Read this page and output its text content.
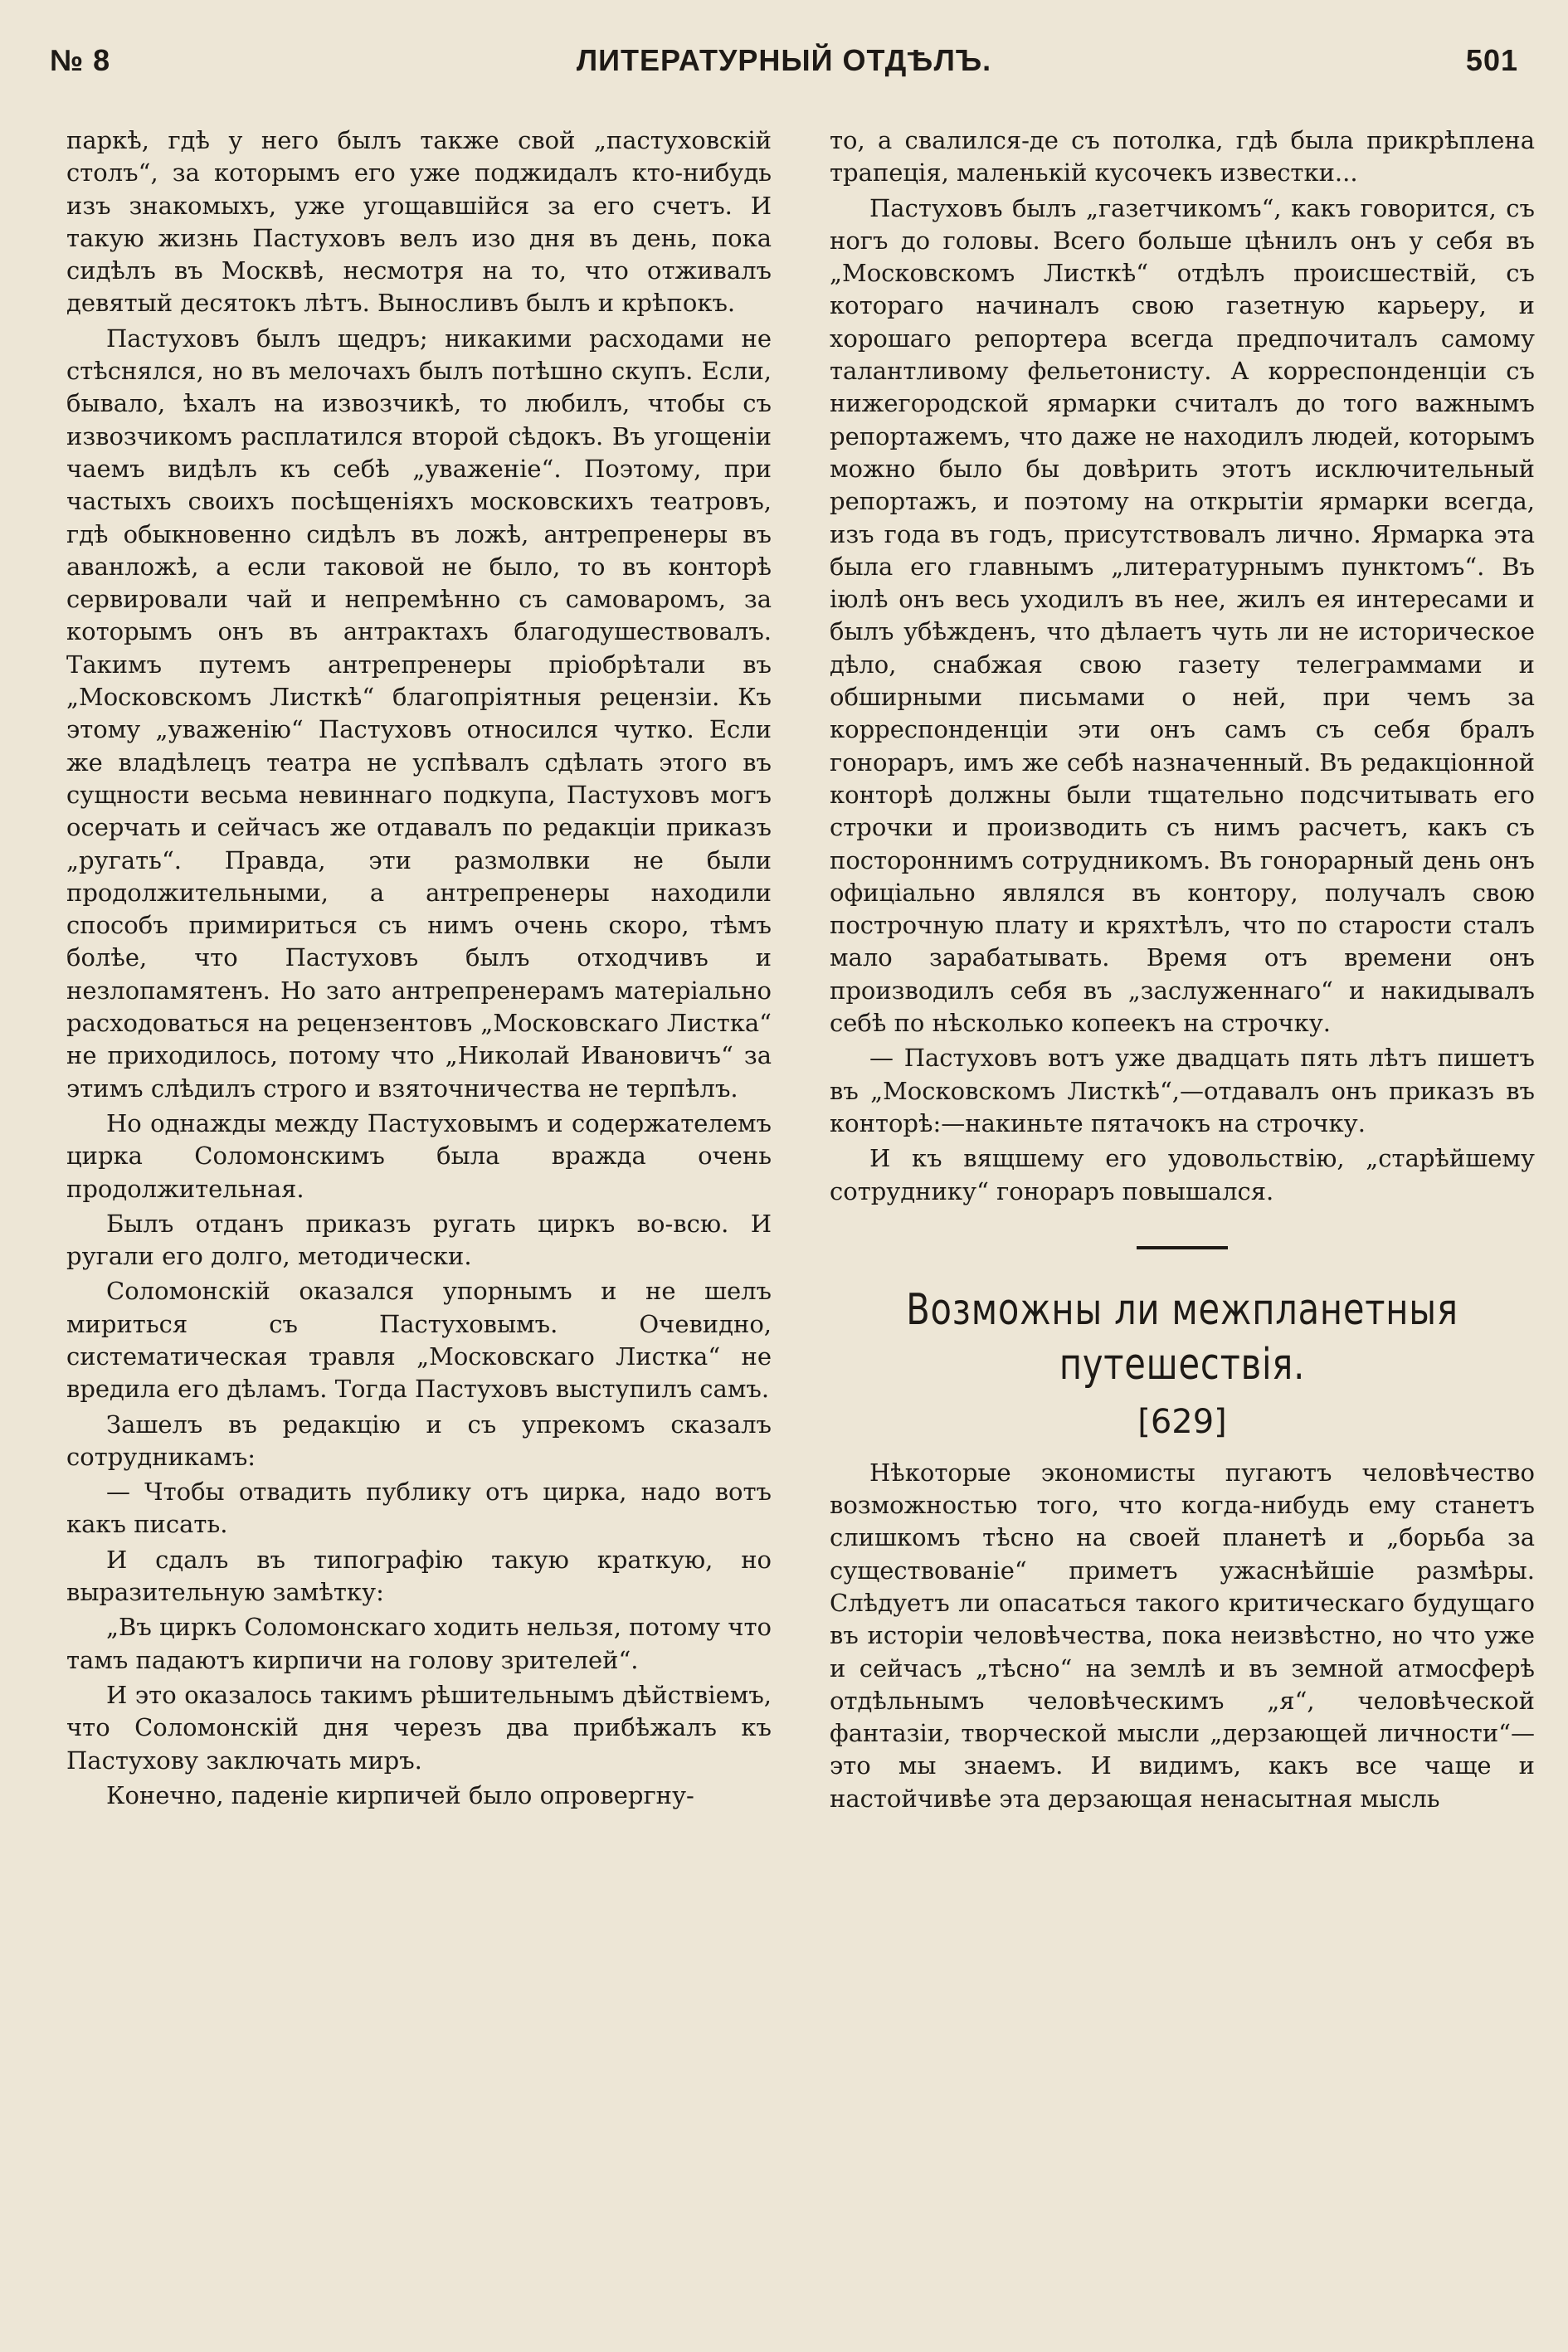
№ 8	ЛИТЕРАТУРНЫЙ ОТДѢЛЪ.	501

паркѣ, гдѣ у него былъ также свой „пастуховскій столъ“, за которымъ его уже поджидалъ кто-нибудь изъ знакомыхъ, уже угощавшійся за его счетъ. И такую жизнь Пастуховъ велъ изо дня въ день, пока сидѣлъ въ Москвѣ, несмотря на то, что отживалъ девятый десятокъ лѣтъ. Выносливъ былъ и крѣпокъ.

Пастуховъ былъ щедръ; никакими расходами не стѣснялся, но въ мелочахъ былъ потѣшно скупъ. Если, бывало, ѣхалъ на извозчикѣ, то любилъ, чтобы съ извозчикомъ расплатился второй сѣдокъ. Въ угощеніи чаемъ видѣлъ къ себѣ „уваженіе“. Поэтому, при частыхъ своихъ посѣщеніяхъ московскихъ театровъ, гдѣ обыкновенно сидѣлъ въ ложѣ, антрепренеры въ аванложѣ, а если таковой не было, то въ конторѣ сервировали чай и непремѣнно съ самоваромъ, за которымъ онъ въ антрактахъ благодушествовалъ. Такимъ путемъ антрепренеры пріобрѣтали въ „Московскомъ Листкѣ“ благопріятныя рецензіи. Къ этому „уваженію“ Пастуховъ относился чутко. Если же владѣлецъ театра не успѣвалъ сдѣлать этого въ сущности весьма невиннаго подкупа, Пастуховъ могъ осерчать и сейчасъ же отдавалъ по редакціи приказъ „ругать“. Правда, эти размолвки не были продолжительными, а антрепренеры находили способъ примириться съ нимъ очень скоро, тѣмъ болѣе, что Пастуховъ былъ отходчивъ и незлопамятенъ. Но зато антрепренерамъ матеріально расходоваться на рецензентовъ „Московскаго Листка“ не приходилось, потому что „Николай Ивановичъ“ за этимъ слѣдилъ строго и взяточничества не терпѣлъ.

Но однажды между Пастуховымъ и содержателемъ цирка Соломонскимъ была вражда очень продолжительная.

Былъ отданъ приказъ ругать циркъ во-всю. И ругали его долго, методически.

Соломонскій оказался упорнымъ и не шелъ мириться съ Пастуховымъ. Очевидно, систематическая травля „Московскаго Листка“ не вредила его дѣламъ. Тогда Пастуховъ выступилъ самъ.

Зашелъ въ редакцію и съ упрекомъ сказалъ сотрудникамъ:

— Чтобы отвадить публику отъ цирка, надо вотъ какъ писать.

И сдалъ въ типографію такую краткую, но выразительную замѣтку:

„Въ циркъ Соломонскаго ходить нельзя, потому что тамъ падаютъ кирпичи на голову зрителей“.

И это оказалось такимъ рѣшительнымъ дѣйствіемъ, что Соломонскій дня черезъ два прибѣжалъ къ Пастухову заключать миръ.

Конечно, паденіе кирпичей было опровергну-

то, а свалился-де съ потолка, гдѣ была прикрѣплена трапеція, маленькій кусочекъ известки...

Пастуховъ былъ „газетчикомъ“, какъ говорится, съ ногъ до головы. Всего больше цѣнилъ онъ у себя въ „Московскомъ Листкѣ“ отдѣлъ происшествій, съ котораго начиналъ свою газетную карьеру, и хорошаго репортера всегда предпочиталъ самому талантливому фельетонисту. А корреспонденціи съ нижегородской ярмарки считалъ до того важнымъ репортажемъ, что даже не находилъ людей, которымъ можно было бы довѣрить этотъ исключительный репортажъ, и поэтому на открытіи ярмарки всегда, изъ года въ годъ, присутствовалъ лично. Ярмарка эта была его главнымъ „литературнымъ пунктомъ“. Въ іюлѣ онъ весь уходилъ въ нее, жилъ ея интересами и былъ убѣжденъ, что дѣлаетъ чуть ли не историческое дѣло, снабжая свою газету телеграммами и обширными письмами о ней, при чемъ за корреспонденціи эти онъ самъ съ себя бралъ гонораръ, имъ же себѣ назначенный. Въ редакціонной конторѣ должны были тщательно подсчитывать его строчки и производить съ нимъ расчетъ, какъ съ постороннимъ сотрудникомъ. Въ гонорарный день онъ офиціально являлся въ контору, получалъ свою построчную плату и кряхтѣлъ, что по старости сталъ мало зарабатывать. Время отъ времени онъ производилъ себя въ „заслуженнаго“ и накидывалъ себѣ по нѣсколько копеекъ на строчку.

— Пастуховъ вотъ уже двадцать пять лѣтъ пишетъ въ „Московскомъ Листкѣ“,—отдавалъ онъ приказъ въ конторѣ:—накиньте пятачокъ на строчку.

И къ вящшему его удовольствію, „старѣйшему сотруднику“ гонораръ повышался.

Возможны ли межпланетныя путешествія.
[629]

Нѣкоторые экономисты пугаютъ человѣчество возможностью того, что когда-нибудь ему станетъ слишкомъ тѣсно на своей планетѣ и „борьба за существованіе“ приметъ ужаснѣйшіе размѣры. Слѣдуетъ ли опасаться такого критическаго будущаго въ исторіи человѣчества, пока неизвѣстно, но что уже и сейчасъ „тѣсно“ на землѣ и въ земной атмосферѣ отдѣльнымъ человѣческимъ „я“, человѣческой фантазіи, творческой мысли „дерзающей личности“—это мы знаемъ. И видимъ, какъ все чаще и настойчивѣе эта дерзающая ненасытная мысль
